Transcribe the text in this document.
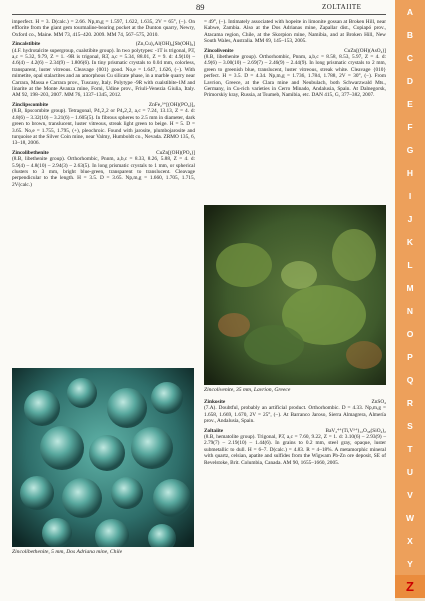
89	ZOLTAIITE

imperfect. H = 3. D(calc.) = 2.66. Np,m,g = 1.597, 1.622, 1.635, 2V = 65°, (−). On efflorite from the giant gem tourmaline-bearing pocket at the Dunton quarry, Newry, Oxford co., Maine. MM 73, 415–420. 2009. MM 74, 567–575, 2010.

Zincalstibite	(Zn,Cu)₂Al(OH)₆[Sb(OH)₆]

(4.F. hydrotalcite supergroup, cualstibite group). In two polytypes: -1T is trigonal, P3̄, a,c = 5.32, 9.79, Z = 1. -9R is trigonal, R3̄, a,c = 5.34, 88.01, Z = 9. d: 4.9(10) – 4.6(4) – 4.2(6) – 2.34(9) – 1.806(6). In tiny prismatic crystals to 0.04 mm, colorless, transparent, luster vitreous. Cleavage {001} good. No,e = 1.647, 1.626, (−). With mimetite, opal stalactites and an amorphous Cu silicate phase, in a marble quarry near Carrara, Massa e Carrara prov., Tuscany, Italy. Polytype -9R with cualstibite-1M and linarite at the Monte Avanza mine, Forni, Udine prov., Friuli-Venezia Giulia, Italy. AM 92, 198–203, 2007. MM 76, 1337–1345, 2012.

Zinclipscombite	ZnFe₂³⁺[(OH)(PO₄)]₂

(8.B, lipscombite group). Tetragonal, P4₁2₁2 or P4₃2₁2, a,c = 7.24, 13.13, Z = 4. d: 4.8(6) – 3.32(10) – 3.21(6) – 1.605(5). In fibrous spheres to 2.5 mm in diameter, dark green to brown, translucent, luster vitreous, streak light green to beige. H = 5. D = 3.65. No,e = 1.755, 1.795, (+), pleochroic. Found with jarosite, plumbojarosite and turquoise at the Silver Coin mine, near Valmy, Humboldt co., Nevada. ZRMO 135, 6, 13–18, 2006.

Zincolibethenite	CuZn[(OH)(PO₄)]

(8.B, libethenite group). Orthorhombic, Pnnm, a,b,c = 8.33, 8.26, 5.88, Z = 4. d: 5.9(4) – 4.8(10) – 2.94(3) – 2.63(5). In long prismatic crystals to 1 mm, or spherical clusters to 3 mm, bright blue-green, transparent to translucent. Cleavage perpendicular to the length. H = 3.5. D = 3.65. Np,m,g = 1.660, 1.705, 1.715, 2V(calc.)

Zincolibethenite, 5 mm, Dos Adriana mine, Chile

= 49°, (−). Intimately associated with hopeite in limonite gossan at Broken Hill, near Kabwe, Zambia. Also at the Dos Adrianas mine, Zapallar dist., Copiapó prov., Atacama region, Chile, at the Skorpion mine, Namibia, and at Broken Hill, New South Wales, Australia. MM 69, 145–153, 2005.

Zincolivenite	CuZn[(OH)(AsO₄)]

(8.B, libethenite group). Orthorhombic, Pnnm, a,b,c = 8.58, 8.53, 5.97, Z = 4. d: 4.9(6) – 3.00(10) – 2.69(7) – 2.46(9) – 2.44(9). In long prismatic crystals to 2 mm, green to greenish blue, translucent, luster vitreous, streak white. Cleavage {010} perfect. H = 3.5. D = 4.34. Np,m,g = 1.736, 1.784, 1.788, 2V = 30°, (−). From Lavrion, Greece, at the Clara mine and Neubulach, both Schwarzwald Mts., Germany, in Cu-rich varieties in Cerro Minado, Andalusia, Spain. At Dalnegorsk, Primorskiy kray, Russia, at Tsumeb, Namibia, etc. DAN 415, G, 377–382, 2007.

Zincolivenite, 35 mm, Lavrion, Greece

Zinkosite	ZnSO₄

(7.A). Doubtful, probably an artificial product. Orthorhombic. D = 4.33. Np,m,g = 1.658, 1.669, 1.670, 2V = 25°, (−). At Barranco Jaroso, Sierra Almagrera, Almería prov., Andalusia, Spain.

Zoltaiite	BaV₂⁴⁺(Ti,V³⁺)₁₂O₃₈(SiO₄)₂

(8.B, hematolite group). Trigonal, P3̄, a,c = 7.60, 9.22, Z = 1. d: 3.10(6) – 2.93(9) – 2.79(7) – 2.19(10) – 1.44(6). In grains to 0.2 mm, steel gray, opaque, luster submetallic to dull. H = 6–7. D(calc.) = 4.83. R = 4–18%. A metamorphic mineral with quartz, celsian, apatite and sulfides from the Wigwam Pb-Zn ore deposit, SE of Revelstoke, Brit. Columbia, Canada. AM 90, 1655–1660, 2005.

A
B
C
D
E
F
G
H
I
J
K
L
M
N
O
P
Q
R
S
T
U
V
W
X
Y
Z
